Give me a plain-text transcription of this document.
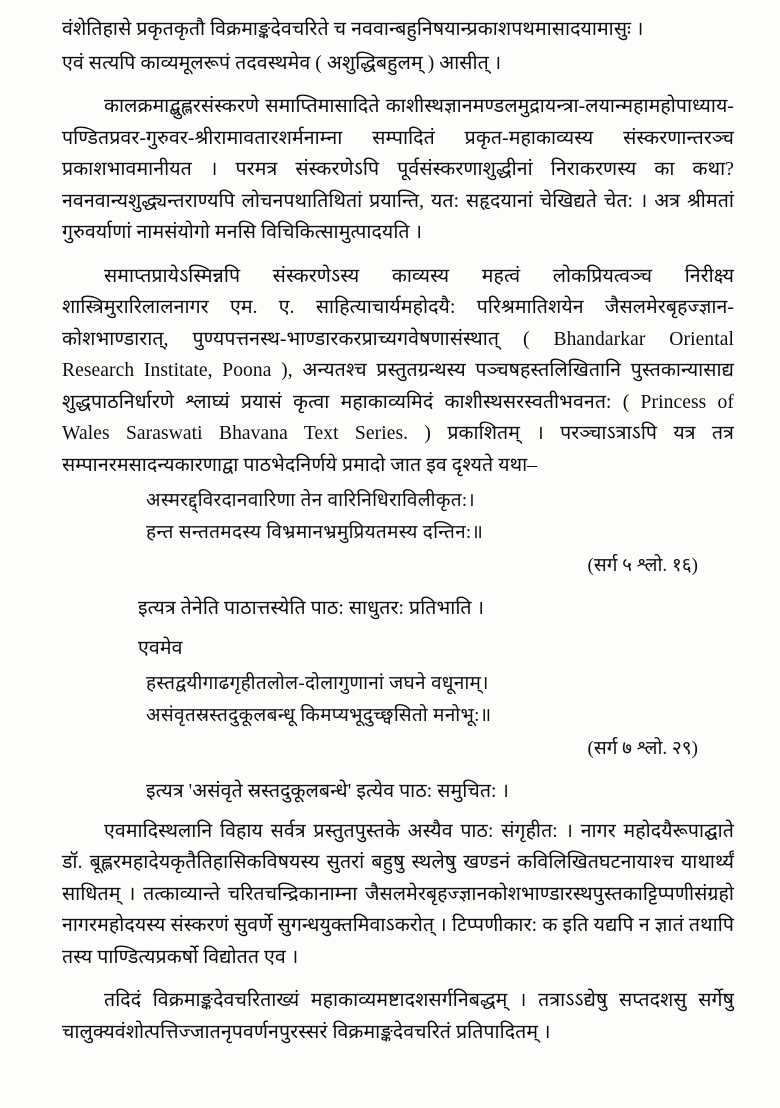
वंशेतिहासे प्रकृतकृतौ विक्रमाङ्कदेवचरिते च नववान्बहुनिषयान्प्रकाशपथमासादयामासुः ।

एवं सत्यपि काव्यमूलरूपं तदवस्थमेव ( अशुद्धिबहुलम् ) आसीत् ।

कालक्रमाद्बुह्लरसंस्करणे समाप्तिमासादिते काशीस्थज्ञानमण्डलमुद्रायन्त्रा-लयान्महामहोपाध्याय-पण्डितप्रवर-गुरुवर-श्रीरामावतारशर्मनाम्ना सम्पादितं प्रकृत-महाकाव्यस्य संस्करणान्तरञ्च प्रकाशभावमानीयत । परमत्र संस्करणेऽपि पूर्वसंस्करणाशुद्धीनां निराकरणस्य का कथा? नवनवान्यशुद्ध्यन्तराण्यपि लोचनपथातिथितां प्रयान्ति, यत: सहृदयानां चेखिद्यते चेत: । अत्र श्रीमतां गुरुवर्याणां नामसंयोगो मनसि विचिकित्सामुत्पादयति ।

समाप्तप्रायेऽस्मिन्नपि संस्करणेऽस्य काव्यस्य महत्वं लोकप्रियत्वञ्च निरीक्ष्य शास्त्रिमुरारिलालनागर एम. ए. साहित्याचार्यमहोदयै: परिश्रमातिशयेन जैसलमेरबृहज्ज्ञान-कोशभाण्डारात्, पुण्यपत्तनस्थ-भाण्डारकरप्राच्यगवेषणासंस्थात् ( Bhandarkar Oriental Research Institate, Poona ), अन्यतश्च प्रस्तुतग्रन्थस्य पञ्चषहस्तलिखितानि पुस्तकान्यासाद्य शुद्धपाठनिर्धारणे श्लाघ्यं प्रयासं कृत्वा महाकाव्यमिदं काशीस्थसरस्वतीभवनत: ( Princess of Wales Saraswati Bhavana Text Series. ) प्रकाशितम् । परञ्चाऽत्राऽपि यत्र तत्र सम्पानरमसादन्यकारणाद्वा पाठभेदनिर्णये प्रमादो जात इव दृश्यते यथा–

अस्मरद्द्विरदानवारिणा तेन वारिनिधिराविलीकृत:।
हन्त सन्ततमदस्य विभ्रमानभ्रमुप्रियतमस्य दन्तिन:॥
(सर्ग ५ श्लो. १६)

इत्यत्र तेनेति पाठात्तस्येति पाठ: साधुतर: प्रतिभाति ।

एवमेव

हस्तद्वयीगाढगृहीतलोल-दोलागुणानां जघने वधूनाम्।
असंवृतस्रस्तदुकूलबन्धू किमप्यभूदुच्छ्वसितो मनोभू:॥
(सर्ग ७ श्लो. २९)

इत्यत्र 'असंवृते स्रस्तदुकूलबन्धे' इत्येव पाठ: समुचित: ।

एवमादिस्थलानि विहाय सर्वत्र प्रस्तुतपुस्तके अस्यैव पाठ: संगृहीत: । नागर महोदयैरूपाद्घाते डॉ. बूह्लरमहादेयकृतैतिहासिकविषयस्य सुतरां बहुषु स्थलेषु खण्डनं कविलिखितघटनायाश्च याथार्थ्यं साधितम् । तत्काव्यान्ते चरितचन्द्रिकानाम्ना जैसलमेरबृहज्ज्ञानकोशभाण्डारस्थपुस्तकाट्टिप्पणीसंग्रहो नागरमहोदयस्य संस्करणं सुवर्णे सुगन्धयुक्तमिवाऽकरोत् । टिप्पणीकार: क इति यद्यपि न ज्ञातं तथापि तस्य पाण्डित्यप्रकर्षो विद्योतत एव ।

तदिदं विक्रमाङ्कदेवचरिताख्यं महाकाव्यमष्टादशसर्गनिबद्धम् । तत्राऽऽद्येषु सप्तदशसु सर्गेषु चालुक्यवंशोत्पत्तिज्जातनृपवर्णनपुरस्सरं विक्रमाङ्कदेवचरितं प्रतिपादितम् ।
